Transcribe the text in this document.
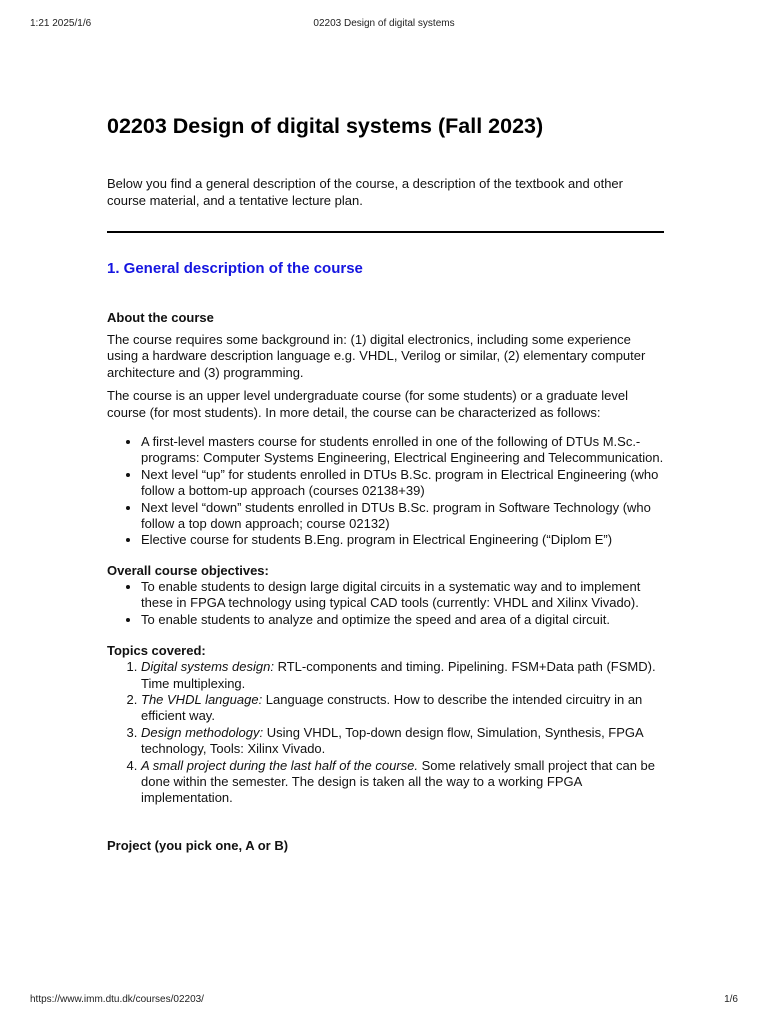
‪1:21 2025/1/6	02203 Design of digital systems
02203 Design of digital systems (Fall 2023)

Below you find a general description of the course, a description of the textbook and other course material, and a tentative lecture plan.

1. General description of the course
About the course

The course requires some background in: (1) digital electronics, including some experience using a hardware description language e.g. VHDL, Verilog or similar, (2) elementary computer architecture and (3) programming.

The course is an upper level undergraduate course (for some students) or a graduate level course (for most students). In more detail, the course can be characterized as follows:

• A first-level masters course for students enrolled in one of the following of DTUs M.Sc.-programs: Computer Systems Engineering, Electrical Engineering and Telecommunication.
• Next level “up” for students enrolled in DTUs B.Sc. program in Electrical Engineering (who follow a bottom-up approach (courses 02138+39)
• Next level “down” students enrolled in DTUs B.Sc. program in Software Technology (who follow a top down approach; course 02132)
• Elective course for students B.Eng. program in Electrical Engineering (“Diplom E”)
Overall course objectives:
• To enable students to design large digital circuits in a systematic way and to implement these in FPGA technology using typical CAD tools (currently: VHDL and Xilinx Vivado).
• To enable students to analyze and optimize the speed and area of a digital circuit.
Topics covered:
1. Digital systems design: RTL-components and timing. Pipelining. FSM+Data path (FSMD). Time multiplexing.
2. The VHDL language: Language constructs. How to describe the intended circuitry in an efficient way.
3. Design methodology: Using VHDL, Top-down design flow, Simulation, Synthesis, FPGA technology, Tools: Xilinx Vivado.
4. A small project during the last half of the course. Some relatively small project that can be done within the semester. The design is taken all the way to a working FPGA implementation.
Project (you pick one, A or B)
https://www.imm.dtu.dk/courses/02203/	1/6
